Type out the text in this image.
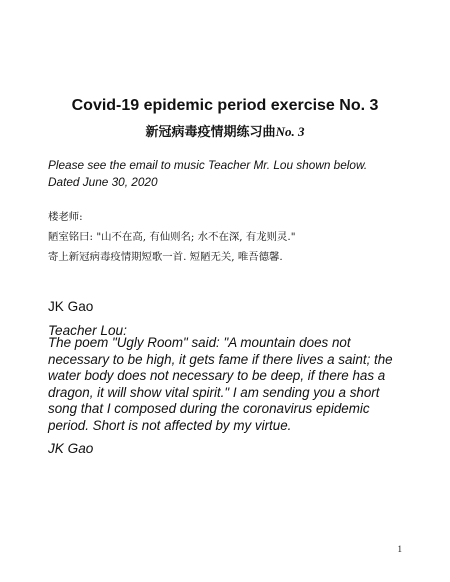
Covid-19 epidemic period exercise No. 3
新冠病毒疫情期练习曲No. 3
Please see the email to music Teacher Mr. Lou shown below.
Dated June 30, 2020
楼老师:
陋室铭曰: "山不在高, 有仙则名; 水不在深, 有龙则灵."
寄上新冠病毒疫情期短歌一首. 短陋无关, 唯吾德馨.
JK Gao
Teacher Lou:
The poem "Ugly Room" said: "A mountain does not
necessary to be high, it gets fame if there lives a saint; the
water body does not necessary to be deep, if there has a
dragon, it will show vital spirit." I am sending you a short
song that I composed during the coronavirus epidemic
period. Short is not affected by my virtue.
JK Gao
1
